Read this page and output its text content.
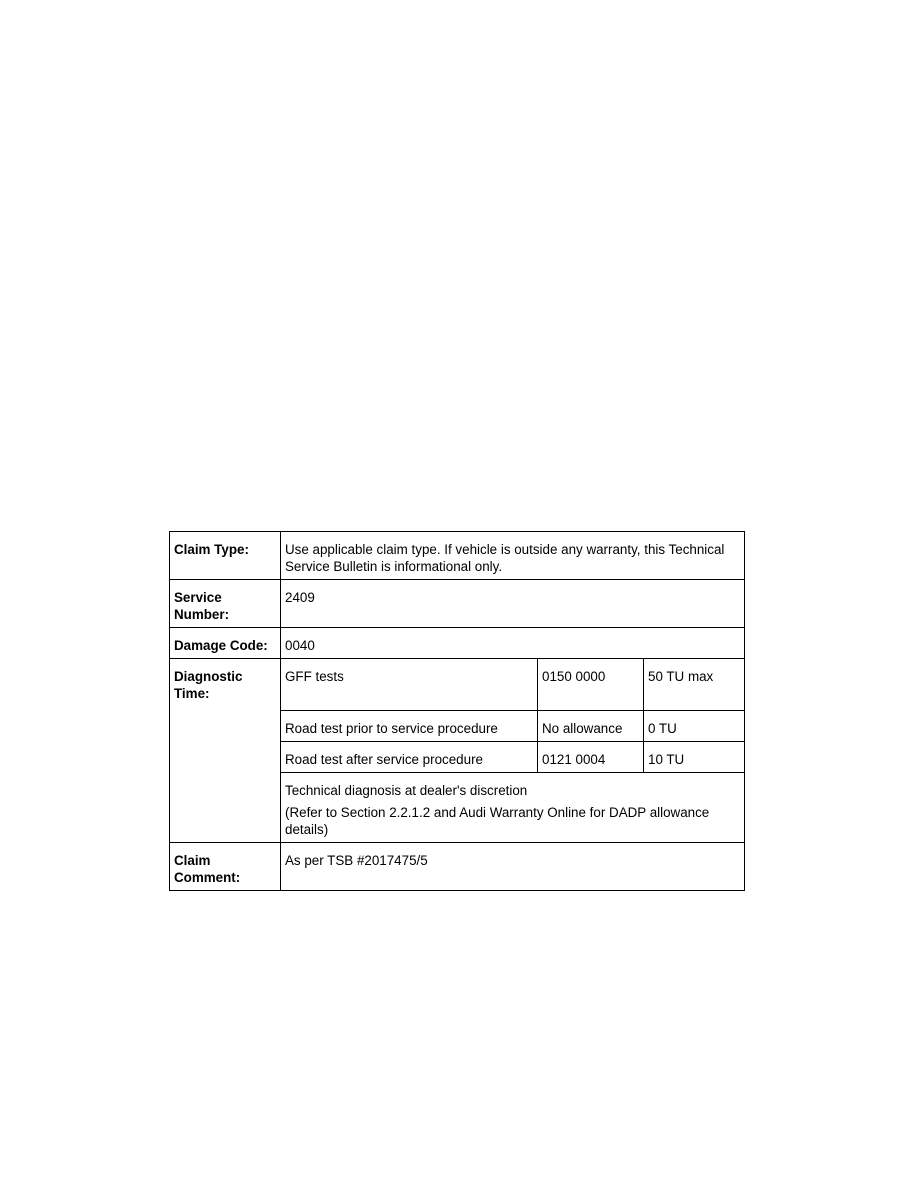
Claim Type:	Use applicable claim type. If vehicle is outside any warranty, this Technical Service Bulletin is informational only.		

Service
Number:	2409		
Damage Code:	0040		

Diagnostic
Time:	GFF tests	0150 0000	50 TU max
	Road test prior to service procedure	No allowance	0 TU
	Road test after service procedure	0121 0004	10 TU

	Technical diagnosis at dealer's discretion

(Refer to Section 2.2.1.2 and Audi Warranty Online for DADP allowance details)		

Claim
Comment:	As per TSB #2017475/5		
